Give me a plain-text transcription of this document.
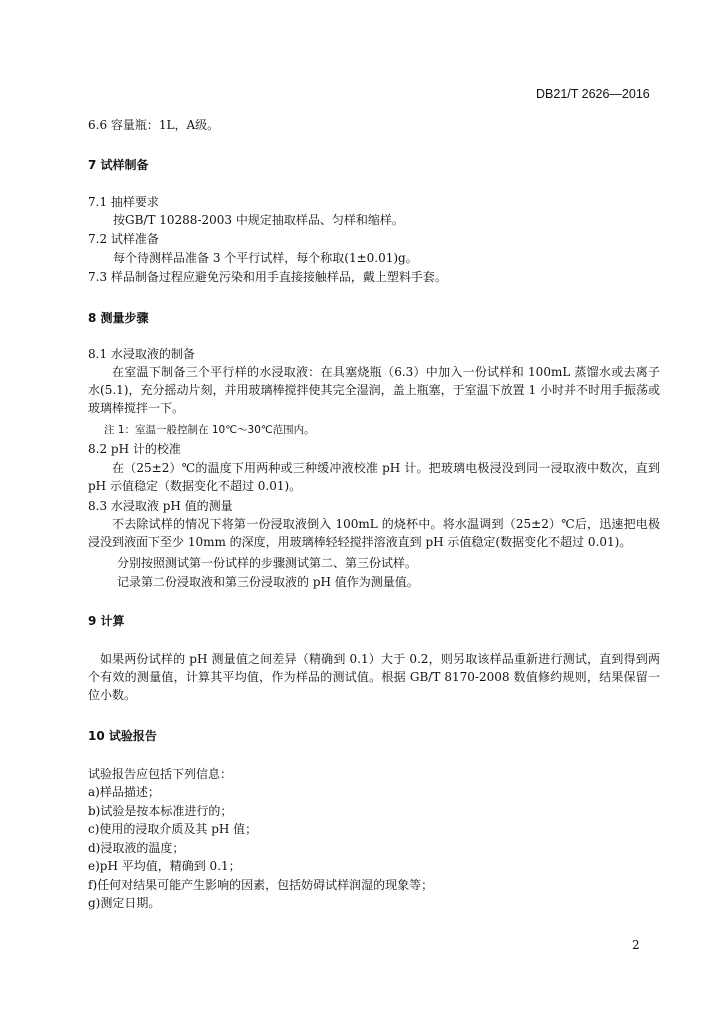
DB21/T 2626—2016
6.6 容量瓶：1L，A级。
7 试样制备
7.1 抽样要求
按GB/T 10288-2003 中规定抽取样品、匀样和缩样。
7.2 试样准备
每个待测样品准备 3 个平行试样，每个称取(1±0.01)g。
7.3 样品制备过程应避免污染和用手直接接触样品，戴上塑料手套。
8 测量步骤
8.1 水浸取液的制备
在室温下制备三个平行样的水浸取液：在具塞烧瓶（6.3）中加入一份试样和 100mL 蒸馏水或去离子水(5.1)，充分摇动片刻，并用玻璃棒搅拌使其完全湿润，盖上瓶塞，于室温下放置 1 小时并不时用手振荡或玻璃棒搅拌一下。
注 1：室温一般控制在 10℃～30℃范围内。
8.2 pH 计的校准
在（25±2）℃的温度下用两种或三种缓冲液校准 pH 计。把玻璃电极浸没到同一浸取液中数次，直到 pH 示值稳定（数据变化不超过 0.01)。
8.3 水浸取液 pH 值的测量
不去除试样的情况下将第一份浸取液倒入 100mL 的烧杯中。将水温调到（25±2）℃后，迅速把电极浸没到液面下至少 10mm 的深度，用玻璃棒轻轻搅拌溶液直到 pH 示值稳定(数据变化不超过 0.01)。
分别按照测试第一份试样的步骤测试第二、第三份试样。
记录第二份浸取液和第三份浸取液的 pH 值作为测量值。
9 计算
如果两份试样的 pH 测量值之间差异（精确到 0.1）大于 0.2，则另取该样品重新进行测试，直到得到两个有效的测量值，计算其平均值，作为样品的测试值。根据 GB/T 8170-2008 数值修约规则，结果保留一位小数。
10 试验报告
试验报告应包括下列信息：
a)样品描述；
b)试验是按本标准进行的；
c)使用的浸取介质及其 pH 值；
d)浸取液的温度；
e)pH 平均值，精确到 0.1；
f)任何对结果可能产生影响的因素，包括妨碍试样润湿的现象等；
g)测定日期。
2
